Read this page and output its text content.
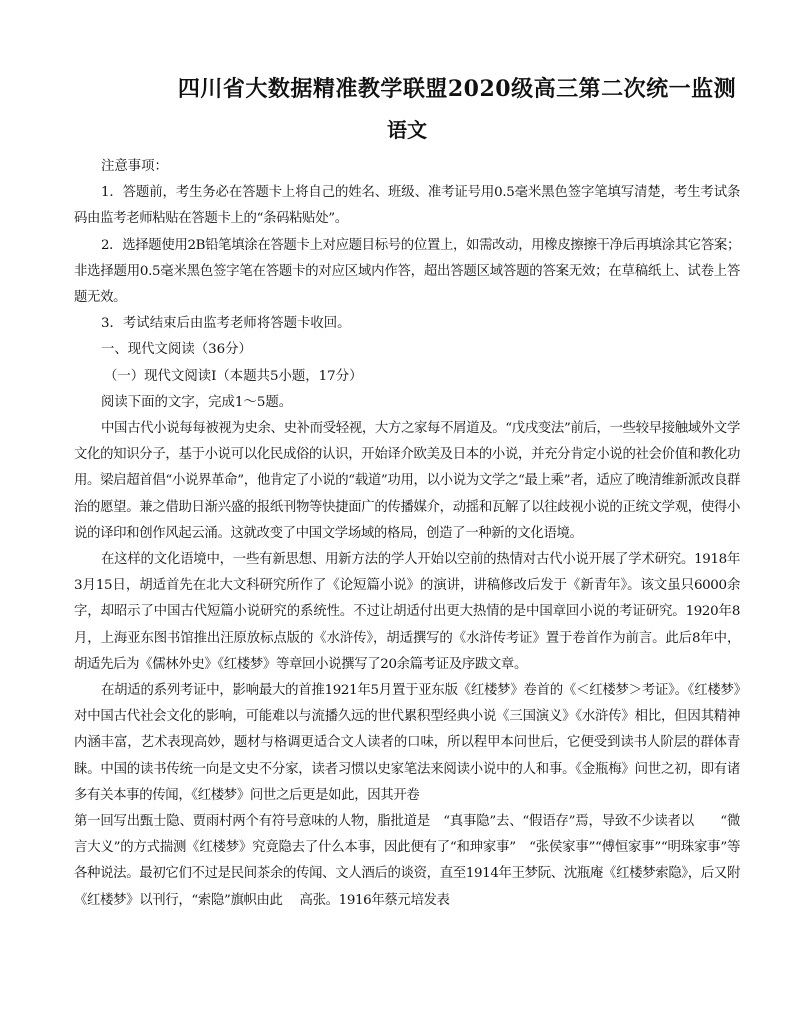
四川省大数据精准教学联盟2020级高三第二次统一监测
语文

注意事项：

1．答题前，考生务必在答题卡上将自己的姓名、班级、准考证号用0.5毫米黑色签字笔填写清楚，考生考试条码由监考老师粘贴在答题卡上的“条码粘贴处”。

2．选择题使用2B铅笔填涂在答题卡上对应题目标号的位置上，如需改动，用橡皮擦擦干净后再填涂其它答案；非选择题用0.5毫米黑色签字笔在答题卡的对应区域内作答，超出答题区域答题的答案无效；在草稿纸上、试卷上答题无效。

3．考试结束后由监考老师将答题卡收回。

一、现代文阅读（36分）

（一）现代文阅读I（本题共5小题，17分）

阅读下面的文字，完成1～5题。

中国古代小说每每被视为史余、史补而受轻视，大方之家每不屑道及。“戊戌变法”前后，一些较早接触域外文学文化的知识分子，基于小说可以化民成俗的认识，开始译介欧美及日本的小说，并充分肯定小说的社会价值和教化功用。梁启超首倡“小说界革命”，他肯定了小说的“载道”功用，以小说为文学之“最上乘”者，适应了晚清维新派改良群治的愿望。兼之借助日渐兴盛的报纸刊物等快捷面广的传播媒介，动摇和瓦解了以往歧视小说的正统文学观，使得小说的译印和创作风起云涌。这就改变了中国文学场域的格局，创造了一种新的文化语境。

在这样的文化语境中，一些有新思想、用新方法的学人开始以空前的热情对古代小说开展了学术研究。1918年3月15日，胡适首先在北大文科研究所作了《论短篇小说》的演讲，讲稿修改后发于《新青年》。该文虽只6000余字，却昭示了中国古代短篇小说研究的系统性。不过让胡适付出更大热情的是中国章回小说的考证研究。1920年8月，上海亚东图书馆推出汪原放标点版的《水浒传》，胡适撰写的《水浒传考证》置于卷首作为前言。此后8年中，胡适先后为《儒林外史》《红楼梦》等章回小说撰写了20余篇考证及序跋文章。

在胡适的系列考证中，影响最大的首推1921年5月置于亚东版《红楼梦》卷首的《＜红楼梦＞考证》。《红楼梦》对中国古代社会文化的影响，可能难以与流播久远的世代累积型经典小说《三国演义》《水浒传》相比，但因其精神内涵丰富，艺术表现高妙，题材与格调更适合文人读者的口味，所以程甲本问世后，它便受到读书人阶层的群体青睐。中国的读书传统一向是文史不分家，读者习惯以史家笔法来阅读小说中的人和事。《金瓶梅》问世之初，即有诸多有关本事的传闻，《红楼梦》问世之后更是如此，因其开卷

第一回写出甄士隐、贾雨村两个有符号意味的人物，脂批道是　“真事隐”去、“假语存”焉，导致不少读者以　　“微言大义”的方式揣测《红楼梦》究竟隐去了什么本事，因此便有了“和珅家事”　“张侯家事”“傅恒家事”“明珠家事”等各种说法。最初它们不过是民间茶余的传闻、文人酒后的谈资，直至1914年王梦阮、沈瓶庵《红楼梦索隐》，后又附《红楼梦》以刊行，“索隐”旗帜由此　 高张。1916年蔡元培发表
